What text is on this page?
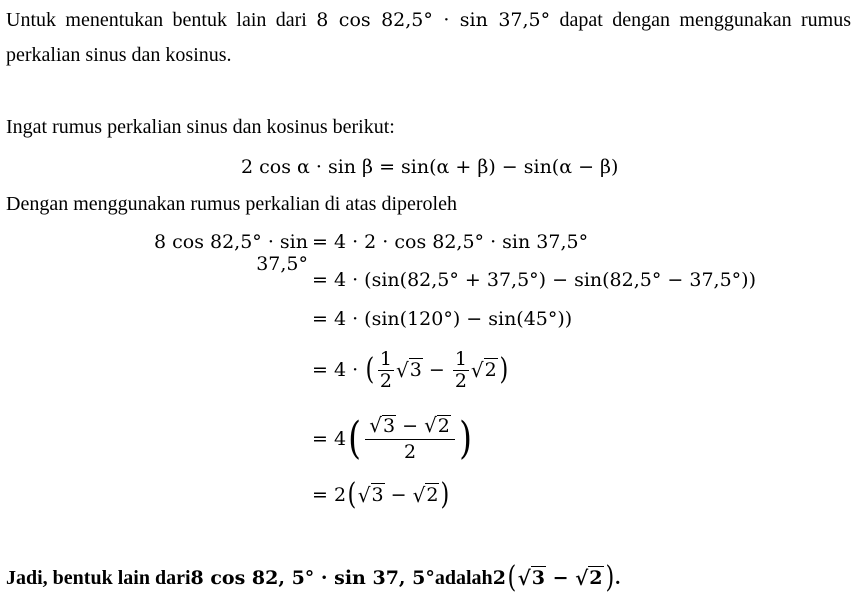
Untuk menentukan bentuk lain dari 8 cos 82,5° · sin 37,5° dapat dengan menggunakan rumus perkalian sinus dan kosinus.
Ingat rumus perkalian sinus dan kosinus berikut:
2 cos α · sin β = sin(α + β) − sin(α − β)
Dengan menggunakan rumus perkalian di atas diperoleh
8 cos 82,5° · sin 37,5°
=
4 · 2 · cos 82,5° · sin 37,5°
=
4 · (sin(82,5° + 37,5°) − sin(82,5° − 37,5°))
=
4 · (sin(120°) − sin(45°))
=
4 ·
( $\frac{1}{2}$ √ 3
−
$\frac{1}{2}$ √ 2 )
=
4 ( $\frac{√ 3 - √ 2}{2}$ )
=
2 ( √ 3
−
√ 2 )
Jadi, bentuk lain dari 8 cos 82, 5° · sin 37, 5° adalah 2 ( √ 3 − √ 2 ) .
